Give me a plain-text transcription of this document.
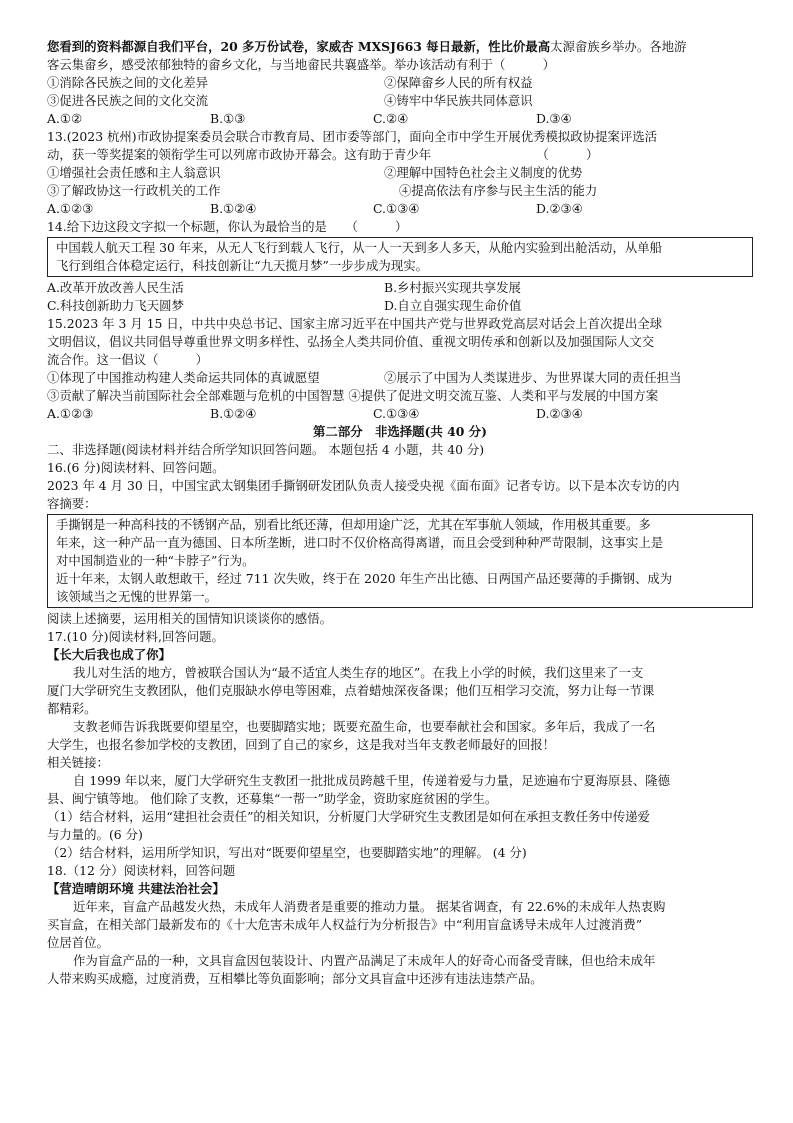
您看到的资料都源自我们平台，20 多万份试卷，家威杏 MXSJ663 每日最新，性比价最高太源畲族乡举办。各地游
客云集畲乡，感受浓郁独特的畲乡文化，与当地畲民共襄盛举。举办该活动有利于（　　　）
①消除各民族之间的文化差异	②保障畲乡人民的所有权益
③促进各民族之间的文化交流	④铸牢中华民族共同体意识
A.①②	B.①③	C.②④	D.③④
13.(2023 杭州)市政协提案委员会联合市教育局、团市委等部门，面向全市中学生开展优秀模拟政协提案评选活
动，获一等奖提案的领衔学生可以列席市政协开幕会。这有助于青少年　　　　　　　　　（　　　）
①增强社会责任感和主人翁意识	②理解中国特色社会主义制度的优势
③了解政协这一行政机关的工作	④提高依法有序参与民主生活的能力
A.①②③	B.①②④	C.①③④	D.②③④
14.给下边这段文字拟一个标题，你认为最恰当的是　　（　　　）
中国载人航天工程 30 年来，从无人飞行到载人飞行，从一人一天到多人多天，从舱内实验到出舱活动，从单船
飞行到组合体稳定运行，科技创新让“九天揽月梦”一步步成为现实。
A.改革开放改善人民生活	B.乡村振兴实现共享发展
C.科技创新助力飞天圆梦	D.自立自强实现生命价值
15.2023 年 3 月 15 日，中共中央总书记、国家主席习近平在中国共产党与世界政党高层对话会上首次提出全球
文明倡议，倡议共同倡导尊重世界文明多样性、弘扬全人类共同价值、重视文明传承和创新以及加强国际人文交
流合作。这一倡议（　　　）
①体现了中国推动构建人类命运共同体的真诚愿望	②展示了中国为人类谋进步、为世界谋大同的责任担当
③贡献了解决当前国际社会全部难题与危机的中国智慧 ④提供了促进文明交流互鉴、人类和平与发展的中国方案
A.①②③	B.①②④	C.①③④	D.②③④
第二部分　非选择题(共 40 分)
二、非选择题(阅读材料并结合所学知识回答问题。 本题包括 4 小题，共 40 分)
16.(6 分)阅读材料、回答问题。
2023 年 4 月 30 日，中国宝武太钢集团手撕钢研发团队负责人接受央视《面布面》记者专访。以下是本次专访的内
容摘要：
手撕钢是一种高科技的不锈钢产品，别看比纸还薄，但却用途广泛，尤其在军事航人领域，作用极其重要。多
年来，这一种产品一直为德国、日本所垄断，进口时不仅价格高得离谱，而且会受到种种严苛限制，这事实上是
对中国制造业的一种“卡脖子”行为。
近十年来，太钢人敢想敢干，经过 711 次失败，终于在 2020 年生产出比德、日两国产品还要薄的手撕钢、成为
该领域当之无愧的世界第一。
阅读上述摘要，运用相关的国情知识谈谈你的感悟。
17.(10 分)阅读材料,回答问题。
【长大后我也成了你】
我儿对生活的地方，曾被联合国认为“最不适宜人类生存的地区”。在我上小学的时候，我们这里来了一支
厦门大学研究生支教团队，他们克服缺水停电等困难，点着蜡烛深夜备课；他们互相学习交流，努力让每一节课
都精彩。
支教老师告诉我既要仰望星空，也要脚踏实地；既要充盈生命，也要奉献社会和国家。多年后，我成了一名
大学生，也报名参加学校的支教团，回到了自己的家乡，这是我对当年支教老师最好的回报！
相关链接：
自 1999 年以来，厦门大学研究生支教团一批批成员跨越千里，传递着爱与力量，足迹遍布宁夏海原县、隆德
县、闽宁镇等地。 他们除了支教，还募集“一帮一”助学金，资助家庭贫困的学生。
（1）结合材料，运用“建担社会责任”的相关知识，分析厦门大学研究生支教团是如何在承担支教任务中传递爱
与力量的。(6 分)
（2）结合材料，运用所学知识，写出对“既要仰望星空，也要脚踏实地”的理解。 (4 分)
18.（12 分）阅读材料，回答问题
【营造晴朗环境 共建法治社会】
近年来，盲盒产品越发火热，未成年人消费者是重要的推动力量。 据某省调查，有 22.6%的未成年人热衷购
买盲盒，在相关部门最新发布的《十大危害未成年人权益行为分析报告》中“利用盲盒诱导未成年人过渡消费”
位居首位。
作为盲盒产品的一种，文具盲盒因包装设计、内置产品满足了未成年人的好奇心而备受青睐，但也给未成年
人带来购买成瘾，过度消费，互相攀比等负面影响；部分文具盲盒中还涉有违法违禁产品。
